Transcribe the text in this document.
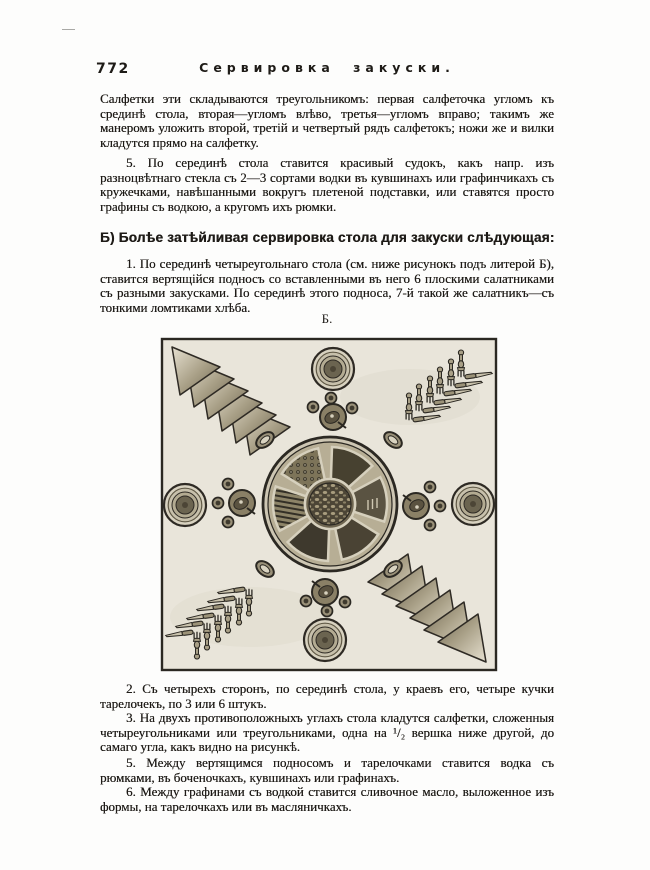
772	Сервировка закуски.

Салфетки эти складываются треугольникомъ: первая салфеточка угломъ къ срединѣ стола, вторая—угломъ влѣво, третья—угломъ вправо; такимъ же манеромъ уложить второй, третій и четвертый рядъ салфетокъ; ножи же и вилки кладутся прямо на салфетку.

5. По серединѣ стола ставится красивый судокъ, какъ напр. изъ разноцвѣтнаго стекла съ 2—3 сортами водки въ кувшинахъ или графинчикахъ съ кружечками, навѣшанными вокругъ плетеной подставки, или ставятся просто графины съ водкою, а кругомъ ихъ рюмки.

Б) Болѣе затѣйливая сервировка стола для закуски слѣдующая:

1. По серединѣ четыреугольнаго стола (см. ниже рисунокъ подъ литерой Б), ставится вертящійся подносъ со вставленными въ него 6 плоскими салатниками съ разными закусками. По серединѣ этого подноса, 7-й такой же салатникъ—съ тонкими ломтиками хлѣба.

Б.

2. Съ четырехъ сторонъ, по серединѣ стола, у краевъ его, четыре кучки тарелочекъ, по 3 или 6 штукъ.

3. На двухъ противоположныхъ углахъ стола кладутся салфетки, сложенныя четыреугольниками или треугольниками, одна на ¹/₂ вершка ниже другой, до самаго угла, какъ видно на рисункѣ.

5. Между вертящимся подносомъ и тарелочками ставится водка съ рюмками, въ боченочкахъ, кувшинахъ или графинахъ.

6. Между графинами съ водкой ставится сливочное масло, выложенное изъ формы, на тарелочкахъ или въ масляничкахъ.
